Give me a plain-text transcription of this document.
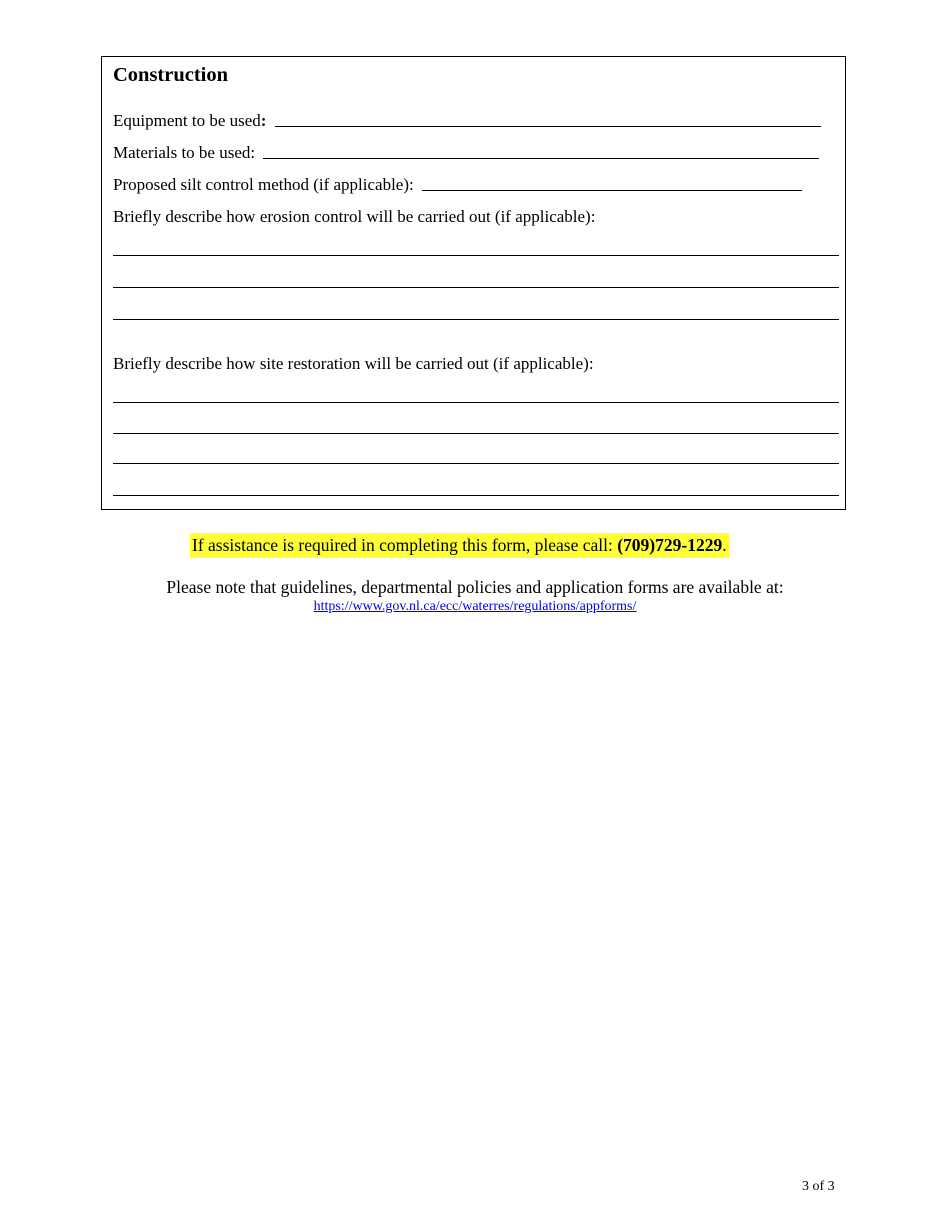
Construction
Equipment to be used:
Materials to be used:
Proposed silt control method (if applicable):
Briefly describe how erosion control will be carried out (if applicable):
Briefly describe how site restoration will be carried out (if applicable):
If assistance is required in completing this form, please call: (709)729-1229.
Please note that guidelines, departmental policies and application forms are available at:
https://www.gov.nl.ca/ecc/waterres/regulations/appforms/
3 of 3
